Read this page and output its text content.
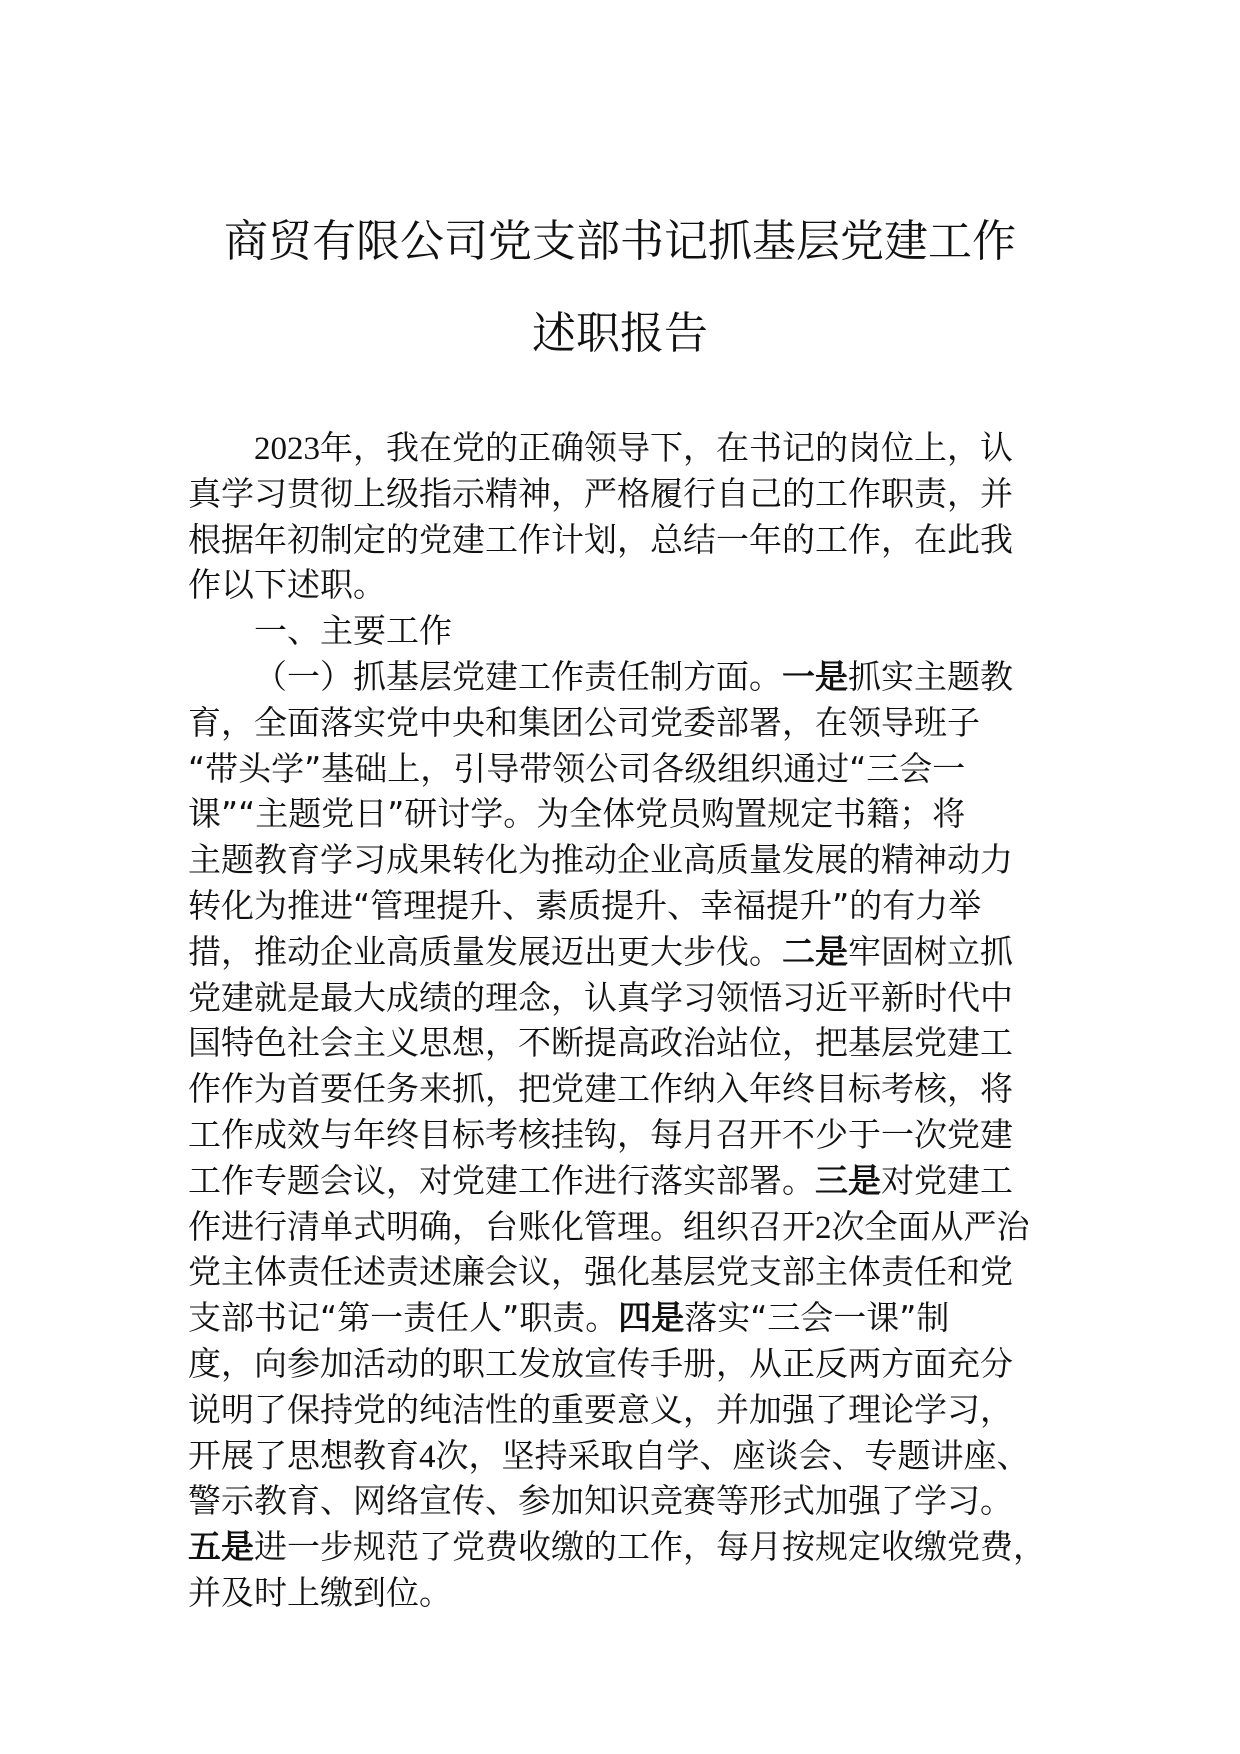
商贸有限公司党支部书记抓基层党建工作
述职报告
2023年，我在党的正确领导下，在书记的岗位上，认
真学习贯彻上级指示精神，严格履行自己的工作职责，并
根据年初制定的党建工作计划，总结一年的工作，在此我
作以下述职。
一、主要工作
（一）抓基层党建工作责任制方面。一是抓实主题教
育，全面落实党中央和集团公司党委部署，在领导班子
“带头学”基础上，引导带领公司各级组织通过“三会一
课”“主题党日”研讨学。为全体党员购置规定书籍；将
主题教育学习成果转化为推动企业高质量发展的精神动力
转化为推进“管理提升、素质提升、幸福提升”的有力举
措，推动企业高质量发展迈出更大步伐。二是牢固树立抓
党建就是最大成绩的理念，认真学习领悟习近平新时代中
国特色社会主义思想，不断提高政治站位，把基层党建工
作作为首要任务来抓，把党建工作纳入年终目标考核，将
工作成效与年终目标考核挂钩，每月召开不少于一次党建
工作专题会议，对党建工作进行落实部署。三是对党建工
作进行清单式明确，台账化管理。组织召开2次全面从严治
党主体责任述责述廉会议，强化基层党支部主体责任和党
支部书记“第一责任人”职责。四是落实“三会一课”制
度，向参加活动的职工发放宣传手册，从正反两方面充分
说明了保持党的纯洁性的重要意义，并加强了理论学习，
开展了思想教育4次，坚持采取自学、座谈会、专题讲座、
警示教育、网络宣传、参加知识竞赛等形式加强了学习。
五是进一步规范了党费收缴的工作，每月按规定收缴党费，
并及时上缴到位。
